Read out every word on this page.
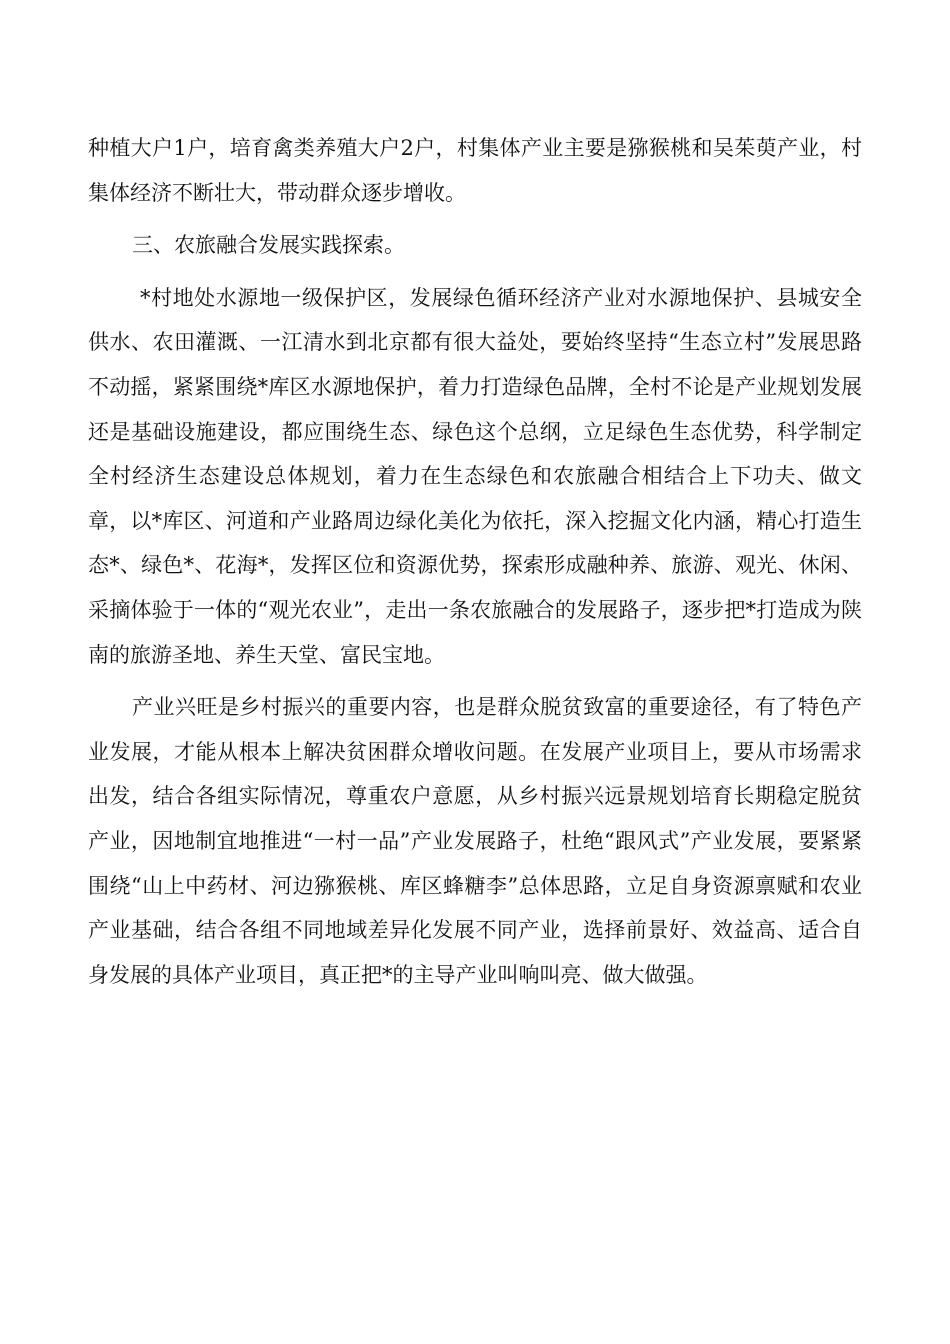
种植大户1户，培育禽类养殖大户2户，村集体产业主要是猕猴桃和吴茱萸产业，村集体经济不断壮大，带动群众逐步增收。

三、农旅融合发展实践探索。

*村地处水源地一级保护区，发展绿色循环经济产业对水源地保护、县城安全供水、农田灌溉、一江清水到北京都有很大益处，要始终坚持“生态立村”发展思路不动摇，紧紧围绕*库区水源地保护，着力打造绿色品牌，全村不论是产业规划发展还是基础设施建设，都应围绕生态、绿色这个总纲，立足绿色生态优势，科学制定全村经济生态建设总体规划，着力在生态绿色和农旅融合相结合上下功夫、做文章，以*库区、河道和产业路周边绿化美化为依托，深入挖掘文化内涵，精心打造生态*、绿色*、花海*，发挥区位和资源优势，探索形成融种养、旅游、观光、休闲、采摘体验于一体的“观光农业”，走出一条农旅融合的发展路子，逐步把*打造成为陕南的旅游圣地、养生天堂、富民宝地。

产业兴旺是乡村振兴的重要内容，也是群众脱贫致富的重要途径，有了特色产业发展，才能从根本上解决贫困群众增收问题。在发展产业项目上，要从市场需求出发，结合各组实际情况，尊重农户意愿，从乡村振兴远景规划培育长期稳定脱贫产业，因地制宜地推进“一村一品”产业发展路子，杜绝“跟风式”产业发展，要紧紧围绕“山上中药材、河边猕猴桃、库区蜂糖李”总体思路，立足自身资源禀赋和农业产业基础，结合各组不同地域差异化发展不同产业，选择前景好、效益高、适合自身发展的具体产业项目，真正把*的主导产业叫响叫亮、做大做强。
